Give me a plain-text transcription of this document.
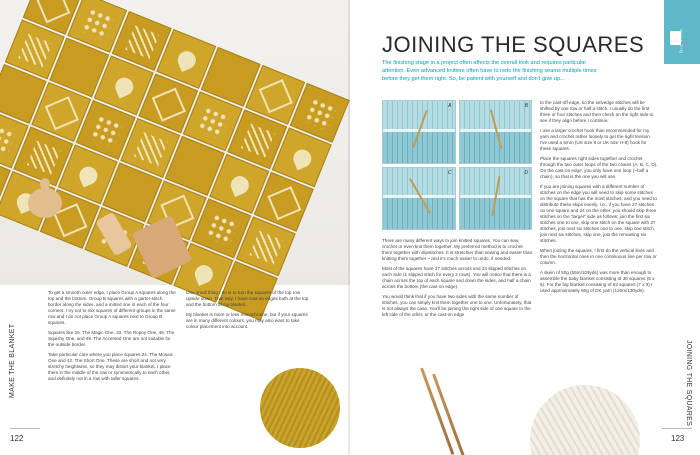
To get a smooth outer edge, I place Group A squares along the top and the bottom. Group B squares with a garter-stitch border along the sides, and a mitred one in each of the four corners. I try not to mix squares of different groups in the same row and I do not place Group A squares next to Group B squares.

Squares like 26. The Magic One, 33. The Ropey One, 48. The Squishy One, and 49. The Accented One are not suitable for the outside border.

Take particular care where you place squares 24. The Mosaic One and 42. The Short One. These are short and not very stretchy heightwise, so they may distort your blanket. I place them in the middle of the row or symmetrically to each other, and definitely not in a row with taller squares.

One small thing I do is to turn the squares of the top row upside down. That way, I have cast-on edges both at the top and the bottom of my blanket.

My blanket is more or less monochrome, but if your squares are in many different colours, you may also want to take colour placement into account.

MAKE THE BLANKET
122
Go to p. 3 / Q
JOINING THE SQUARES

The finishing stage in a project often affects the overall look and requires particular attention. Even advanced knitters often have to redo the finishing seams multiple times before they get them right. So, be patient with yourself and don't give up...

A	B
C	D

There are many different ways to join knitted squares. You can sew, crochet or even knit them together. My preferred method is to crochet them together with slipstitches. It is stretchier than sewing and easier than knitting them together – and it's much easier to undo, if needed.

Most of the squares have 27 stitches across and 24 slipped stitches on each side (1 slipped stitch for every 2 rows). You will notice that there is a chain across the top of each square and down the sides, and half a chain across the bottom (the cast-on edge).

You would think that if you have two sides with the same number of stitches, you can simply knit them together one to one. Unfortunately, that is not always the case. You'll be joining the right side of one square to the left side of the other, or the cast-on edge

to the cast-off edge, so the selvedge stitches will be shifted by one row or half a stitch. I usually do the first three or four stitches and then check on the right side to see if they align before I continue.

I use a larger crochet hook than recommended for my yarn and crochet rather loosely to get the right tension. I've used a 5mm (US size 8 or UK size H-8) hook for these squares.

Place the squares right sides together and crochet through the two outer loops of the two chains (A, B, C, D). On the cast-on edge, you only have one loop (~half a chain), so that is the one you will use.

If you are joining squares with a different number of stitches on the edge you will need to skip some stitches on the square that has the most stitches, and you need to distribute these skips evenly. I.e., if you have 27 stitches on one square and 24 on the other, you should skip three stitches on the "larger" side as follows: join the first six stitches one to one, skip one stitch on the square with 27 stitches, join next six stitches one to one, skip one stitch, join next six stitches, skip one, join the remaining six stitches.

When joining the squares, I first do the vertical lines and then the horizontal ones in one continuous line per row or column.

A skein of 50g (55m/109yds) was more than enough to assemble the baby blanket consisting of 30 squares (5 x 6). For the big blanket consisting of 63 squares (7 x 9) I used approximately 60g of DK yarn (120m/130yds).

JOINING THE SQUARES
123
